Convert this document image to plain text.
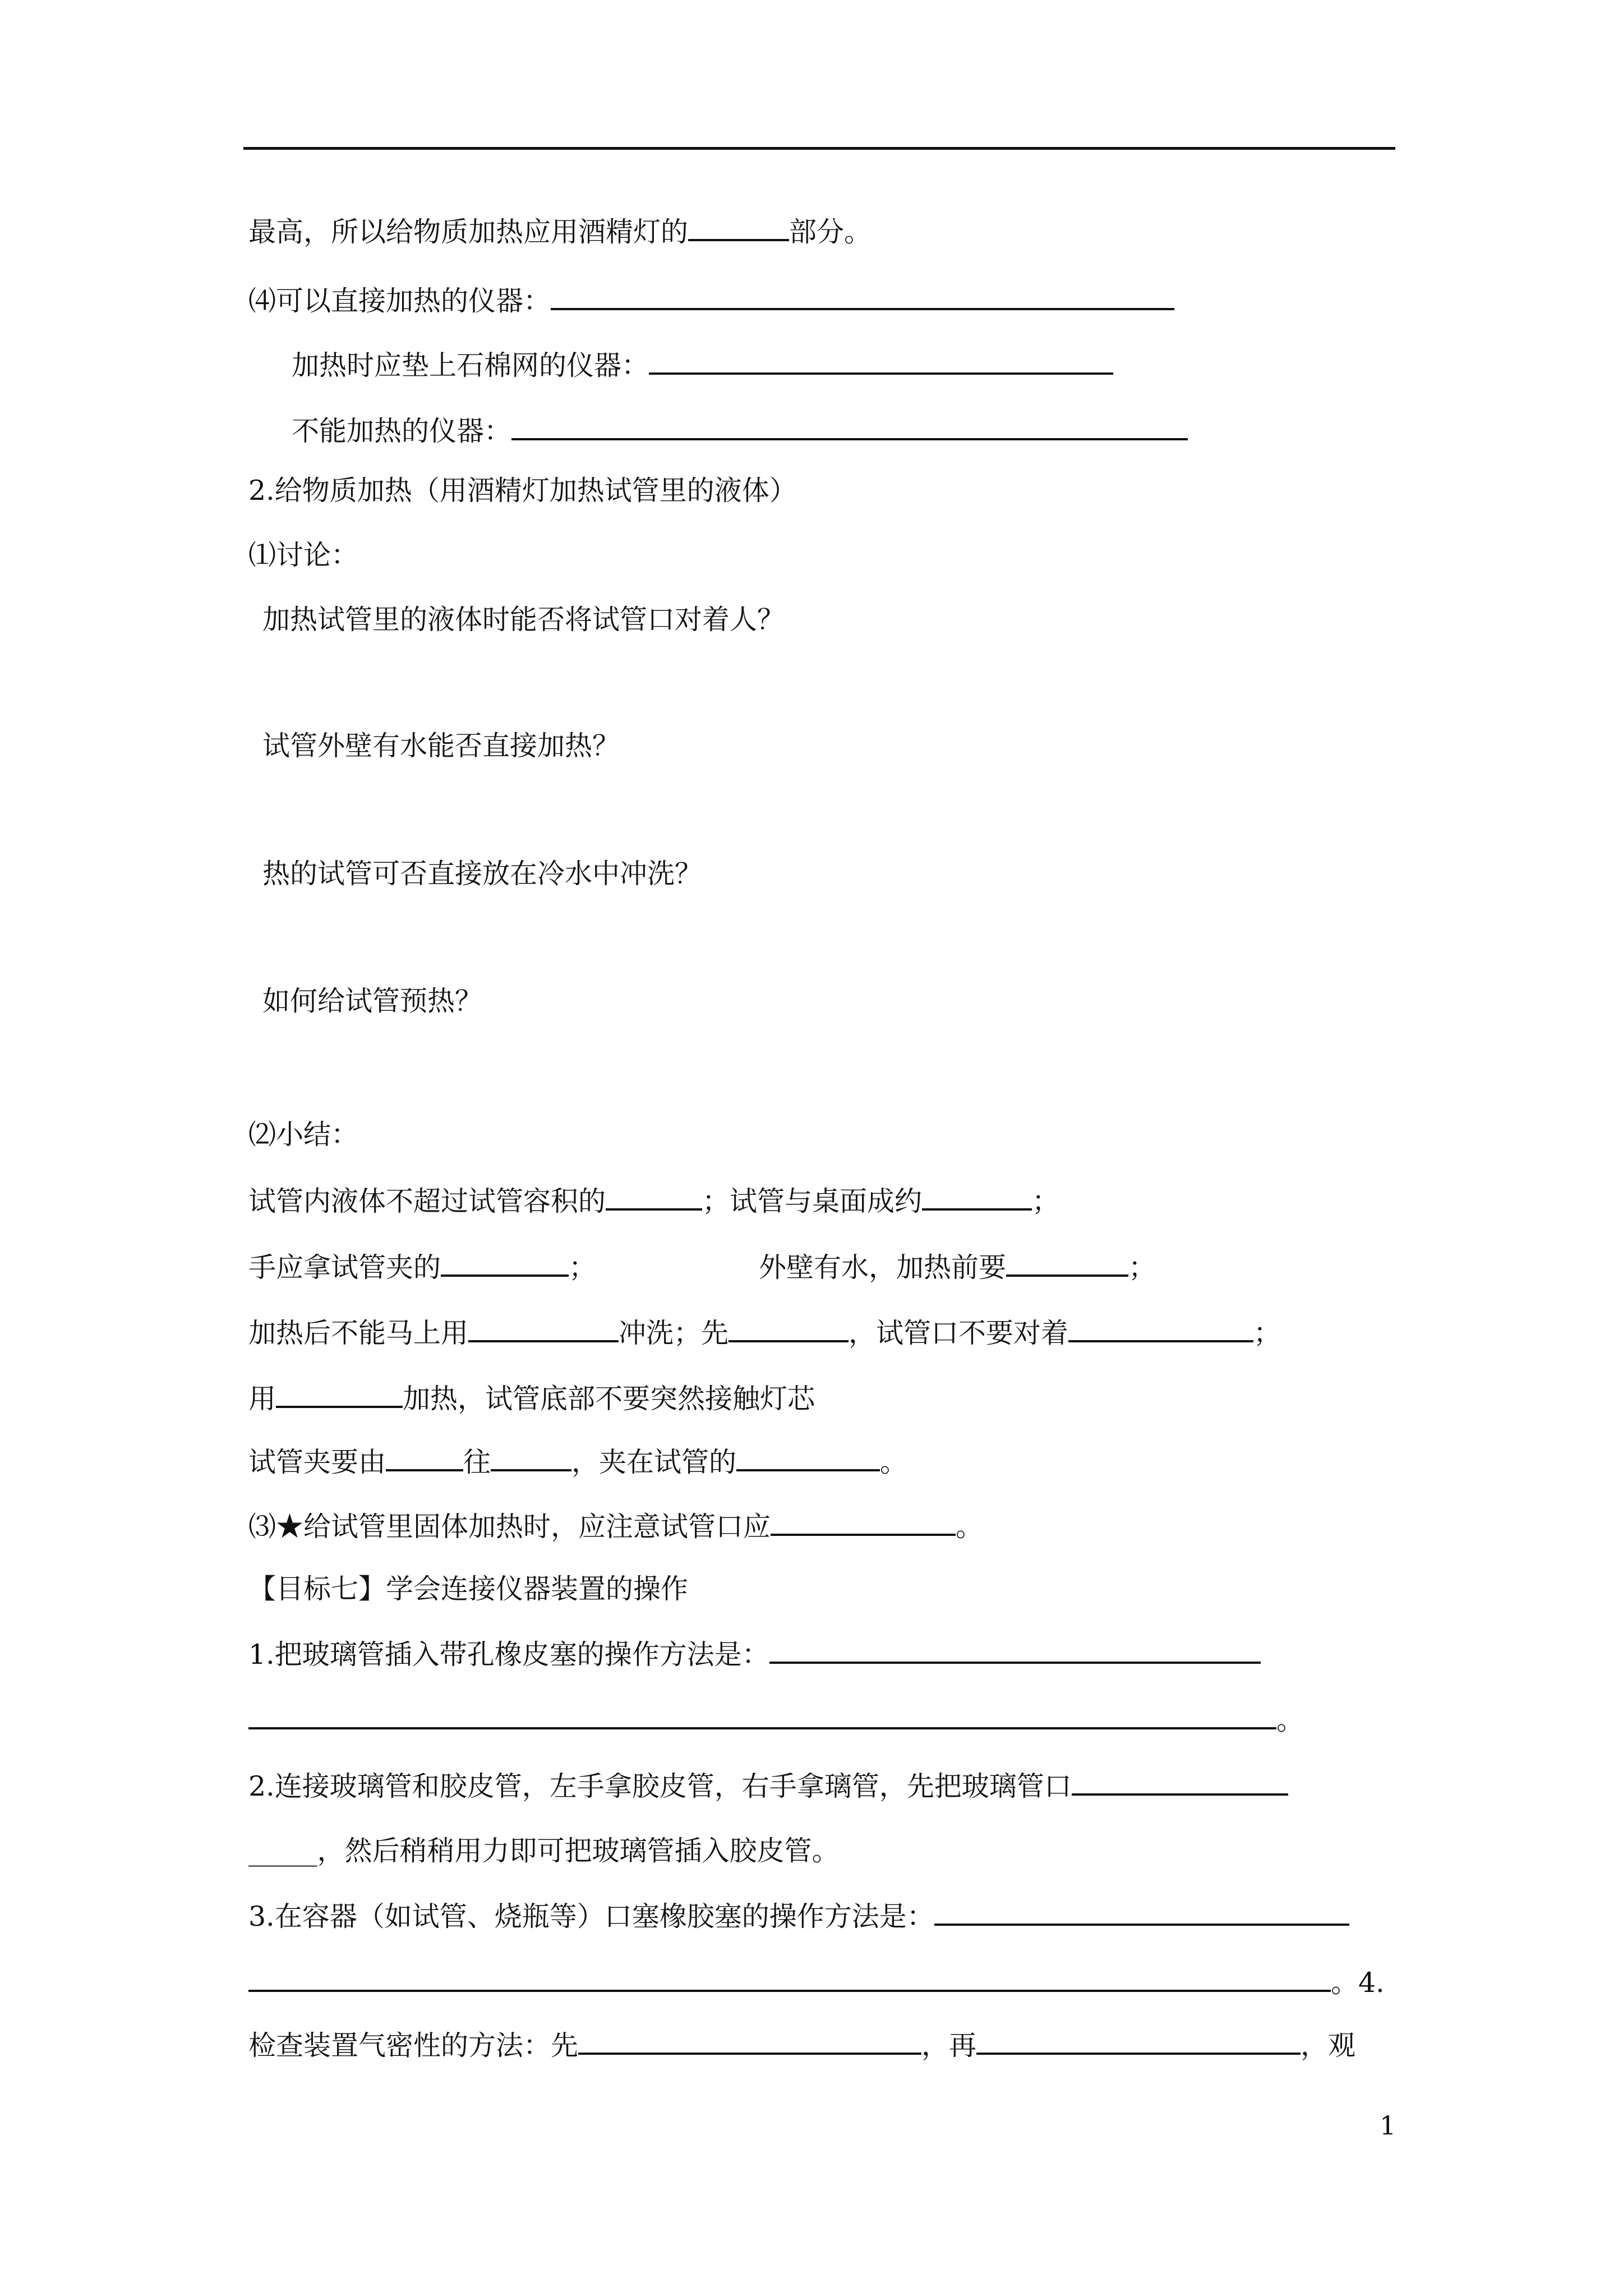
最高，所以给物质加热应用酒精灯的	部分。
⑷可以直接加热的仪器：
加热时应垫上石棉网的仪器：
不能加热的仪器：
2.给物质加热（用酒精灯加热试管里的液体）
⑴讨论：
加热试管里的液体时能否将试管口对着人？
试管外壁有水能否直接加热？
热的试管可否直接放在冷水中冲洗？
如何给试管预热？
⑵小结：
试管内液体不超过试管容积的	；试管与桌面成约	；
手应拿试管夹的	；	外壁有水，加热前要	；
加热后不能马上用	冲洗；先	，试管口不要对着	；
用	加热，试管底部不要突然接触灯芯
试管夹要由	往	，夹在试管的	。
⑶★给试管里固体加热时，应注意试管口应	。
【目标七】学会连接仪器装置的操作
1.把玻璃管插入带孔橡皮塞的操作方法是：
。
2.连接玻璃管和胶皮管，左手拿胶皮管，右手拿璃管，先把玻璃管口
_____，然后稍稍用力即可把玻璃管插入胶皮管。
3.在容器（如试管、烧瓶等）口塞橡胶塞的操作方法是：
。4.
检查装置气密性的方法：先	，再	，观
1
